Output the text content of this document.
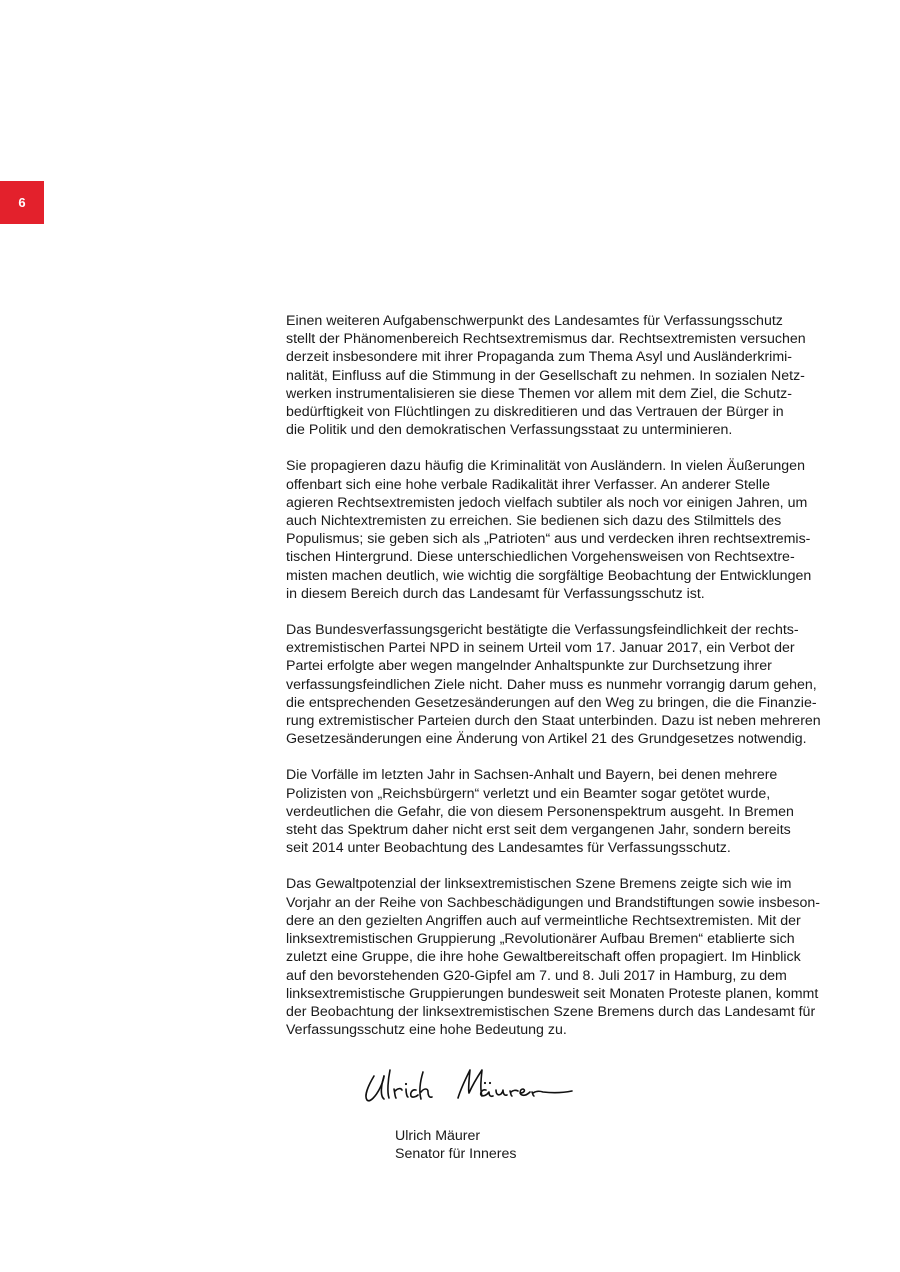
6

Einen weiteren Aufgabenschwerpunkt des Landesamtes für Verfassungsschutz
stellt der Phänomenbereich Rechtsextremismus dar. Rechtsextremisten versuchen
derzeit insbesondere mit ihrer Propaganda zum Thema Asyl und Ausländerkrimi-
nalität, Einfluss auf die Stimmung in der Gesellschaft zu nehmen. In sozialen Netz-
werken instrumentalisieren sie diese Themen vor allem mit dem Ziel, die Schutz-
bedürftigkeit von Flüchtlingen zu diskreditieren und das Vertrauen der Bürger in
die Politik und den demokratischen Verfassungsstaat zu unterminieren.

Sie propagieren dazu häufig die Kriminalität von Ausländern. In vielen Äußerungen
offenbart sich eine hohe verbale Radikalität ihrer Verfasser. An anderer Stelle
agieren Rechtsextremisten jedoch vielfach subtiler als noch vor einigen Jahren, um
auch Nichtextremisten zu erreichen. Sie bedienen sich dazu des Stilmittels des
Populismus; sie geben sich als „Patrioten“ aus und verdecken ihren rechtsextremis-
tischen Hintergrund. Diese unterschiedlichen Vorgehensweisen von Rechtsextre-
misten machen deutlich, wie wichtig die sorgfältige Beobachtung der Entwicklungen
in diesem Bereich durch das Landesamt für Verfassungsschutz ist.

Das Bundesverfassungsgericht bestätigte die Verfassungsfeindlichkeit der rechts-
extremistischen Partei NPD in seinem Urteil vom 17. Januar 2017, ein Verbot der
Partei erfolgte aber wegen mangelnder Anhaltspunkte zur Durchsetzung ihrer
verfassungsfeindlichen Ziele nicht. Daher muss es nunmehr vorrangig darum gehen,
die entsprechenden Gesetzesänderungen auf den Weg zu bringen, die die Finanzie-
rung extremistischer Parteien durch den Staat unterbinden. Dazu ist neben mehreren
Gesetzesänderungen eine Änderung von Artikel 21 des Grundgesetzes notwendig.

Die Vorfälle im letzten Jahr in Sachsen-Anhalt und Bayern, bei denen mehrere
Polizisten von „Reichsbürgern“ verletzt und ein Beamter sogar getötet wurde,
verdeutlichen die Gefahr, die von diesem Personenspektrum ausgeht. In Bremen
steht das Spektrum daher nicht erst seit dem vergangenen Jahr, sondern bereits
seit 2014 unter Beobachtung des Landesamtes für Verfassungsschutz.

Das Gewaltpotenzial der linksextremistischen Szene Bremens zeigte sich wie im
Vorjahr an der Reihe von Sachbeschädigungen und Brandstiftungen sowie insbeson-
dere an den gezielten Angriffen auch auf vermeintliche Rechtsextremisten. Mit der
linksextremistischen Gruppierung „Revolutionärer Aufbau Bremen“ etablierte sich
zuletzt eine Gruppe, die ihre hohe Gewaltbereitschaft offen propagiert. Im Hinblick
auf den bevorstehenden G20-Gipfel am 7. und 8. Juli 2017 in Hamburg, zu dem
linksextremistische Gruppierungen bundesweit seit Monaten Proteste planen, kommt
der Beobachtung der linksextremistischen Szene Bremens durch das Landesamt für
Verfassungsschutz eine hohe Bedeutung zu.

Ulrich Mäurer
Senator für Inneres
